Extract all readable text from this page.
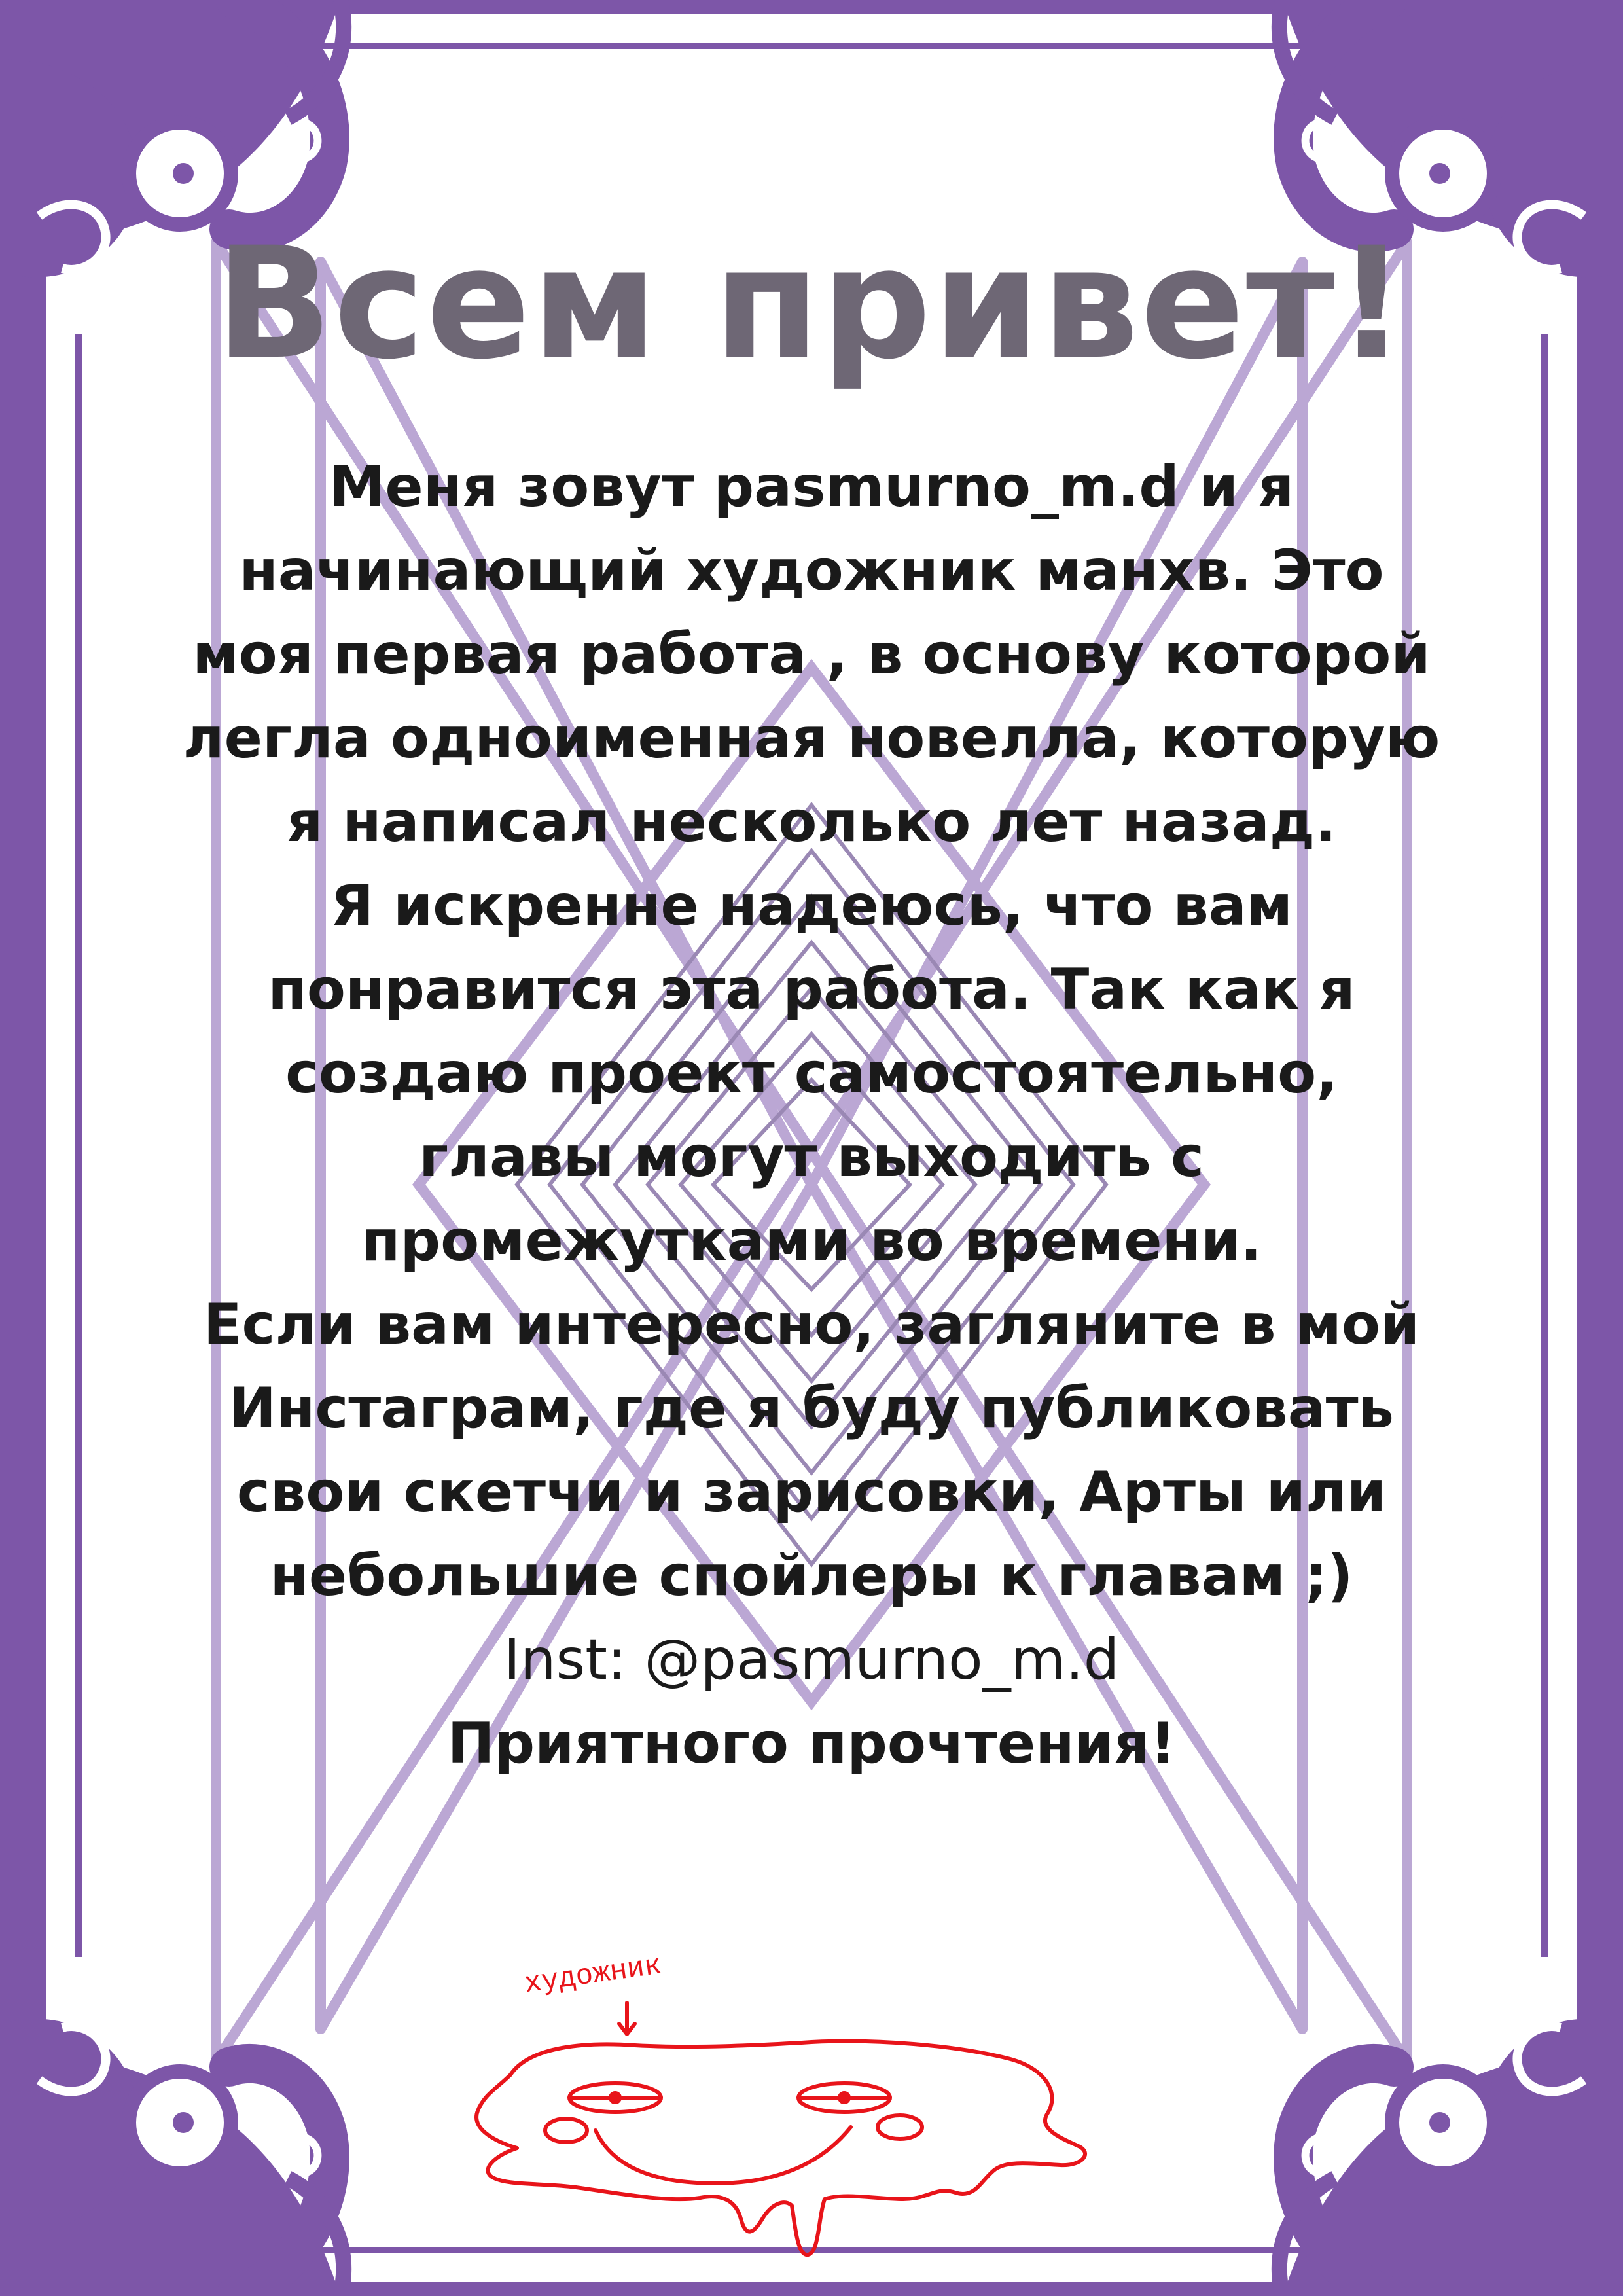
Всем привет!
Меня зовут pasmurno_m.d и я
начинающий художник манхв. Это
моя первая работа , в основу которой
легла одноименная новелла, которую
я написал несколько лет назад.
Я искренне надеюсь, что вам
понравится эта работа. Так как я
создаю проект самостоятельно,
главы могут выходить с
промежутками во времени.
Если вам интересно, загляните в мой
Инстаграм, где я буду публиковать
свои скетчи и зарисовки, Арты или
небольшие спойлеры к главам ;)
Inst: @pasmurno_m.d
Приятного прочтения!
художник
